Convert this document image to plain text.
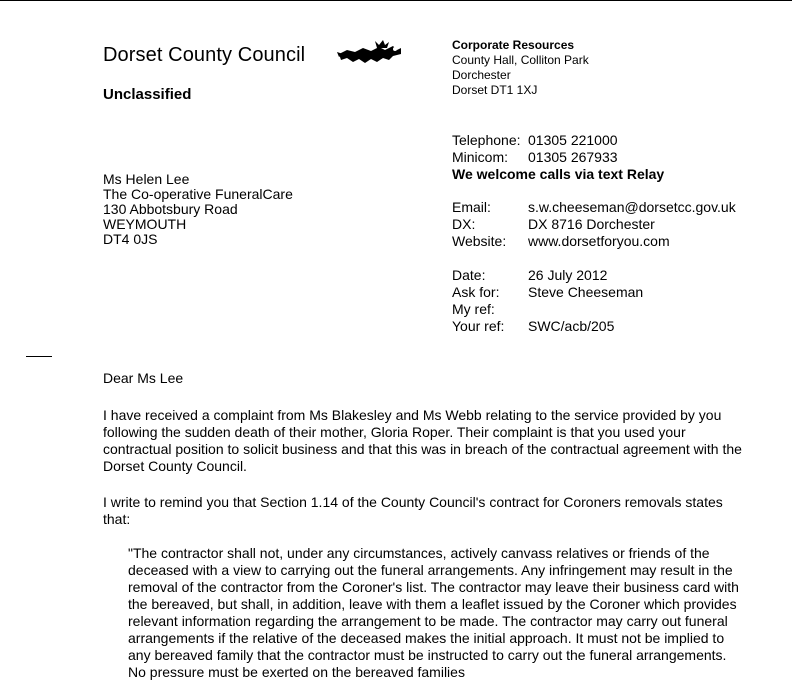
Dorset County Council
Unclassified
Corporate Resources
County Hall, Colliton Park
Dorchester
Dorset DT1 1XJ
Telephone: 01305 221000
Minicom:	01305 267933
We welcome calls via text Relay
Ms Helen Lee
The Co-operative FuneralCare
130 Abbotsbury Road
WEYMOUTH
DT4 0JS
Email:	s.w.cheeseman@dorsetcc.gov.uk
DX:	DX 8716 Dorchester
Website:	www.dorsetforyou.com
Date:	26 July 2012
Ask for:	Steve Cheeseman
My ref:
Your ref:	SWC/acb/205
Dear Ms Lee
I have received a complaint from Ms Blakesley and Ms Webb relating to the service provided by you following the sudden death of their mother, Gloria Roper. Their complaint is that you used your contractual position to solicit business and that this was in breach of the contractual agreement with the Dorset County Council.
I write to remind you that Section 1.14 of the County Council's contract for Coroners removals states that:
"The contractor shall not, under any circumstances, actively canvass relatives or friends of the deceased with a view to carrying out the funeral arrangements. Any infringement may result in the removal of the contractor from the Coroner's list. The contractor may leave their business card with the bereaved, but shall, in addition, leave with them a leaflet issued by the Coroner which provides relevant information regarding the arrangement to be made. The contractor may carry out funeral arrangements if the relative of the deceased makes the initial approach. It must not be implied to any bereaved family that the contractor must be instructed to carry out the funeral arrangements. No pressure must be exerted on the bereaved families
